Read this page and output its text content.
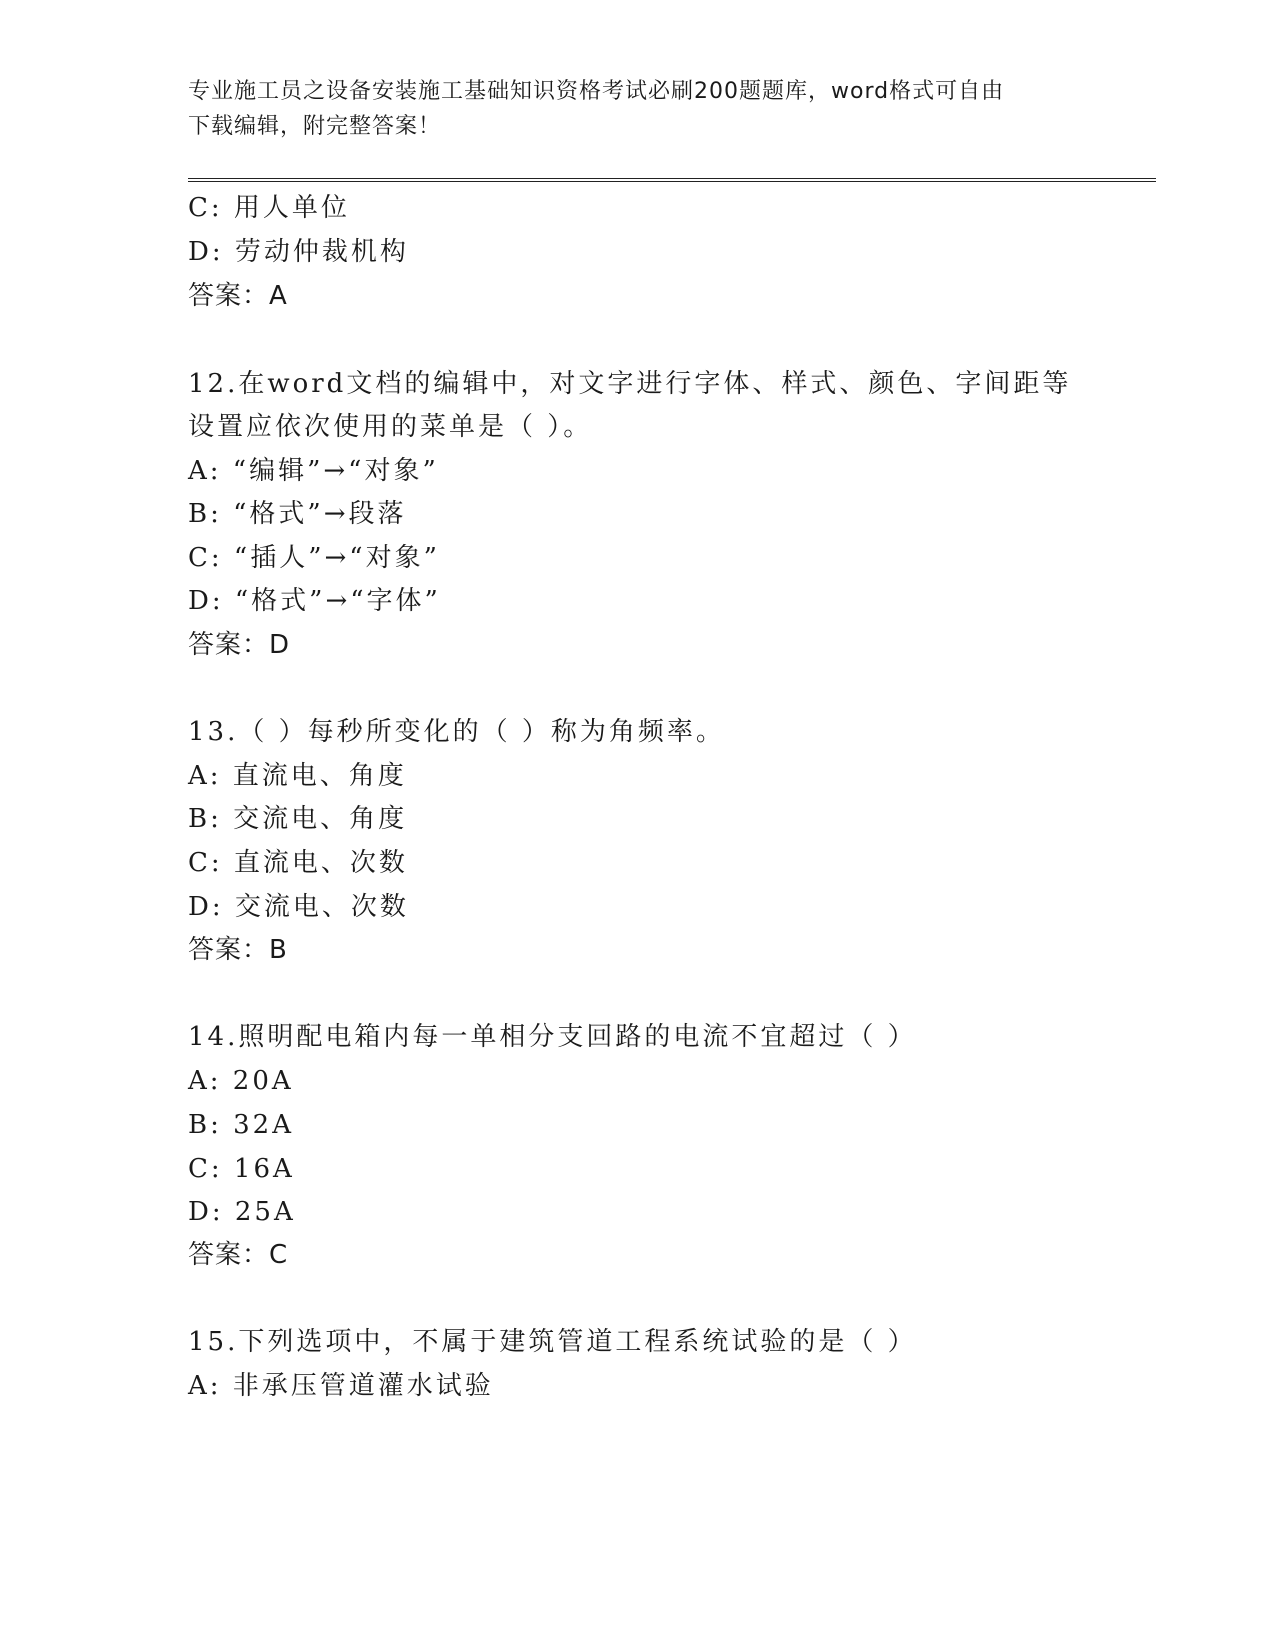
专业施工员之设备安装施工基础知识资格考试必刷200题题库，word格式可自由
下载编辑，附完整答案！
C: 用人单位
D: 劳动仲裁机构
答案：A
12.在word文档的编辑中，对文字进行字体、样式、颜色、字间距等
设置应依次使用的菜单是（ ）。
A: “编辑”→“对象”
B: “格式”→段落
C: “插人”→“对象”
D: “格式”→“字体”
答案：D
13.（ ）每秒所变化的（ ）称为角频率。
A: 直流电、角度
B: 交流电、角度
C: 直流电、次数
D: 交流电、次数
答案：B
14.照明配电箱内每一单相分支回路的电流不宜超过（ ）
A: 20A
B: 32A
C: 16A
D: 25A
答案：C
15.下列选项中，不属于建筑管道工程系统试验的是（ ）
A: 非承压管道灌水试验
